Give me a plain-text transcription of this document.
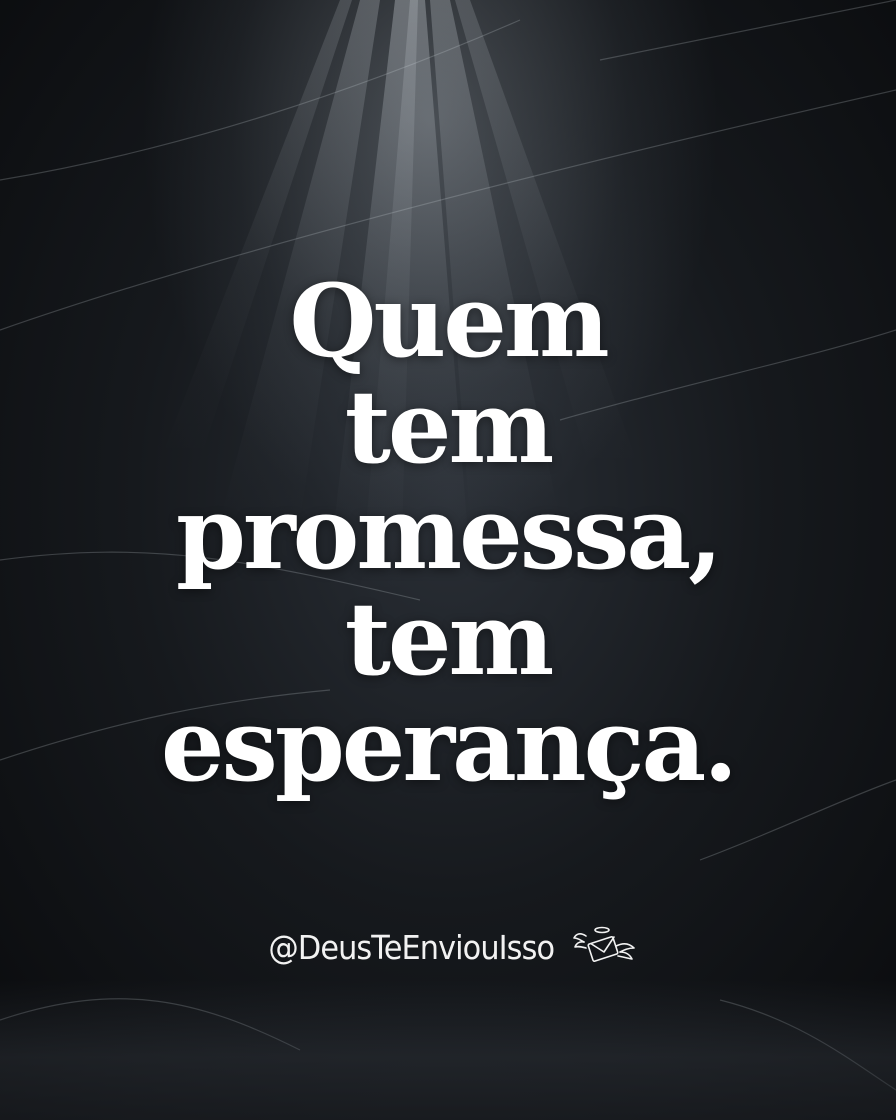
Quem
tem
promessa,
tem
esperança.
@DeusTeEnviouIsso
